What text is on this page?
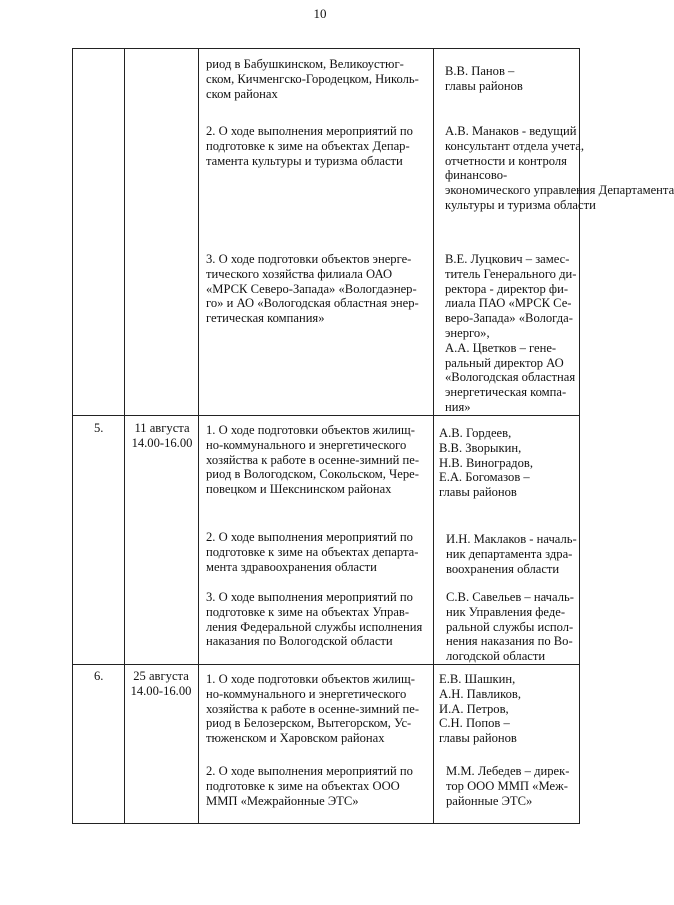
10
риод в Бабушкинском, Великоустюг-
ском, Кичменгско-Городецком, Николь-
ском районах
В.В. Панов –
главы районов
2. О ходе выполнения мероприятий по
подготовке к зиме на объектах Депар-
тамента культуры и туризма области
А.В. Манаков - ведущий
консультант отдела учета,
отчетности и контроля
финансово-
экономического управления Департамента
культуры и туризма области
3. О ходе подготовки объектов энерге-
тического хозяйства филиала ОАО
«МРСК Северо-Запада» «Вологдаэнер-
го» и АО «Вологодская областная энер-
гетическая компания»
В.Е. Луцкович – замес-
титель Генерального ди-
ректора - директор фи-
лиала ПАО «МРСК Се-
веро-Запада» «Вологда-
энерго»,
А.А. Цветков – гене-
ральный директор АО
«Вологодская областная
энергетическая компа-
ния»
5.	11 августа
14.00-16.00
1. О ходе подготовки объектов жилищ-
но-коммунального и энергетического
хозяйства к работе в осенне-зимний пе-
риод в Вологодском, Сокольском, Чере-
повецком и Шекснинском районах
А.В. Гордеев,
В.В. Зворыкин,
Н.В. Виноградов,
Е.А. Богомазов –
главы районов
2. О ходе выполнения мероприятий по
подготовке к зиме на объектах департа-
мента здравоохранения области
И.Н. Маклаков - началь-
ник департамента здра-
воохранения области
3. О ходе выполнения мероприятий по
подготовке к зиме на объектах Управ-
ления Федеральной службы исполнения
наказания по Вологодской области
С.В. Савельев – началь-
ник Управления феде-
ральной службы испол-
нения наказания по Во-
логодской области
6.	25 августа
14.00-16.00
1. О ходе подготовки объектов жилищ-
но-коммунального и энергетического
хозяйства к работе в осенне-зимний пе-
риод в Белозерском, Вытегорском, Ус-
тюженском и Харовском районах
Е.В. Шашкин,
А.Н. Павликов,
И.А. Петров,
С.Н. Попов –
главы районов
2. О ходе выполнения мероприятий по
подготовке к зиме на объектах ООО
ММП «Межрайонные ЭТС»
М.М. Лебедев – дирек-
тор ООО ММП «Меж-
районные ЭТС»
